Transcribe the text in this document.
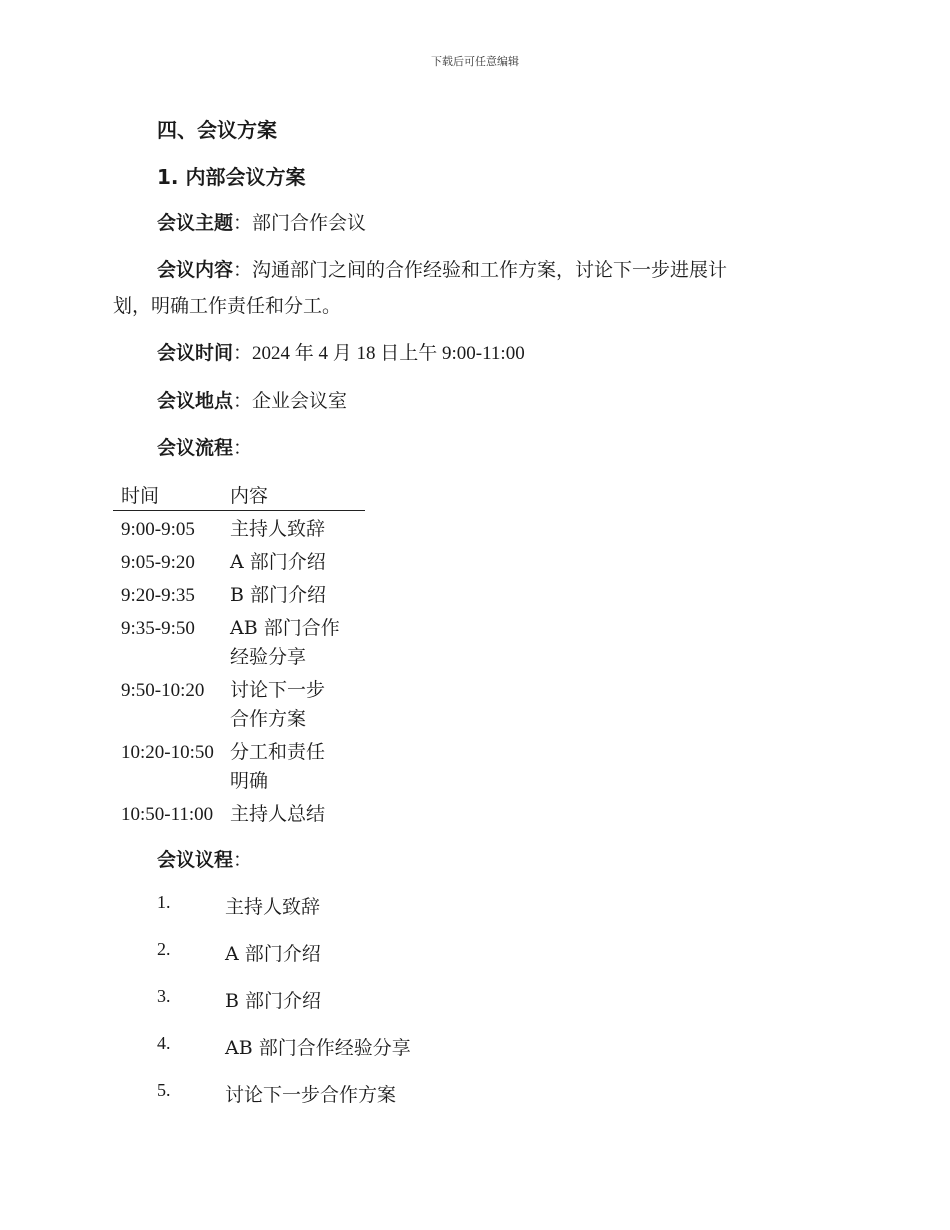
下载后可任意编辑
四、会议方案
1. 内部会议方案
会议主题：部门合作会议
会议内容：沟通部门之间的合作经验和工作方案，讨论下一步进展计
划，明确工作责任和分工。
会议时间：2024 年 4 月 18 日上午 9:00-11:00
会议地点：企业会议室
会议流程：
时间	内容
9:00-9:05	主持人致辞
9:05-9:20	A 部门介绍
9:20-9:35	B 部门介绍
9:35-9:50	AB 部门合作
经验分享
9:50-10:20	讨论下一步
合作方案
10:20-10:50 分工和责任
明确
10:50-11:00 主持人总结
会议议程：
1.	主持人致辞
2.	A 部门介绍
3.	B 部门介绍
4.	AB 部门合作经验分享
5.	讨论下一步合作方案
